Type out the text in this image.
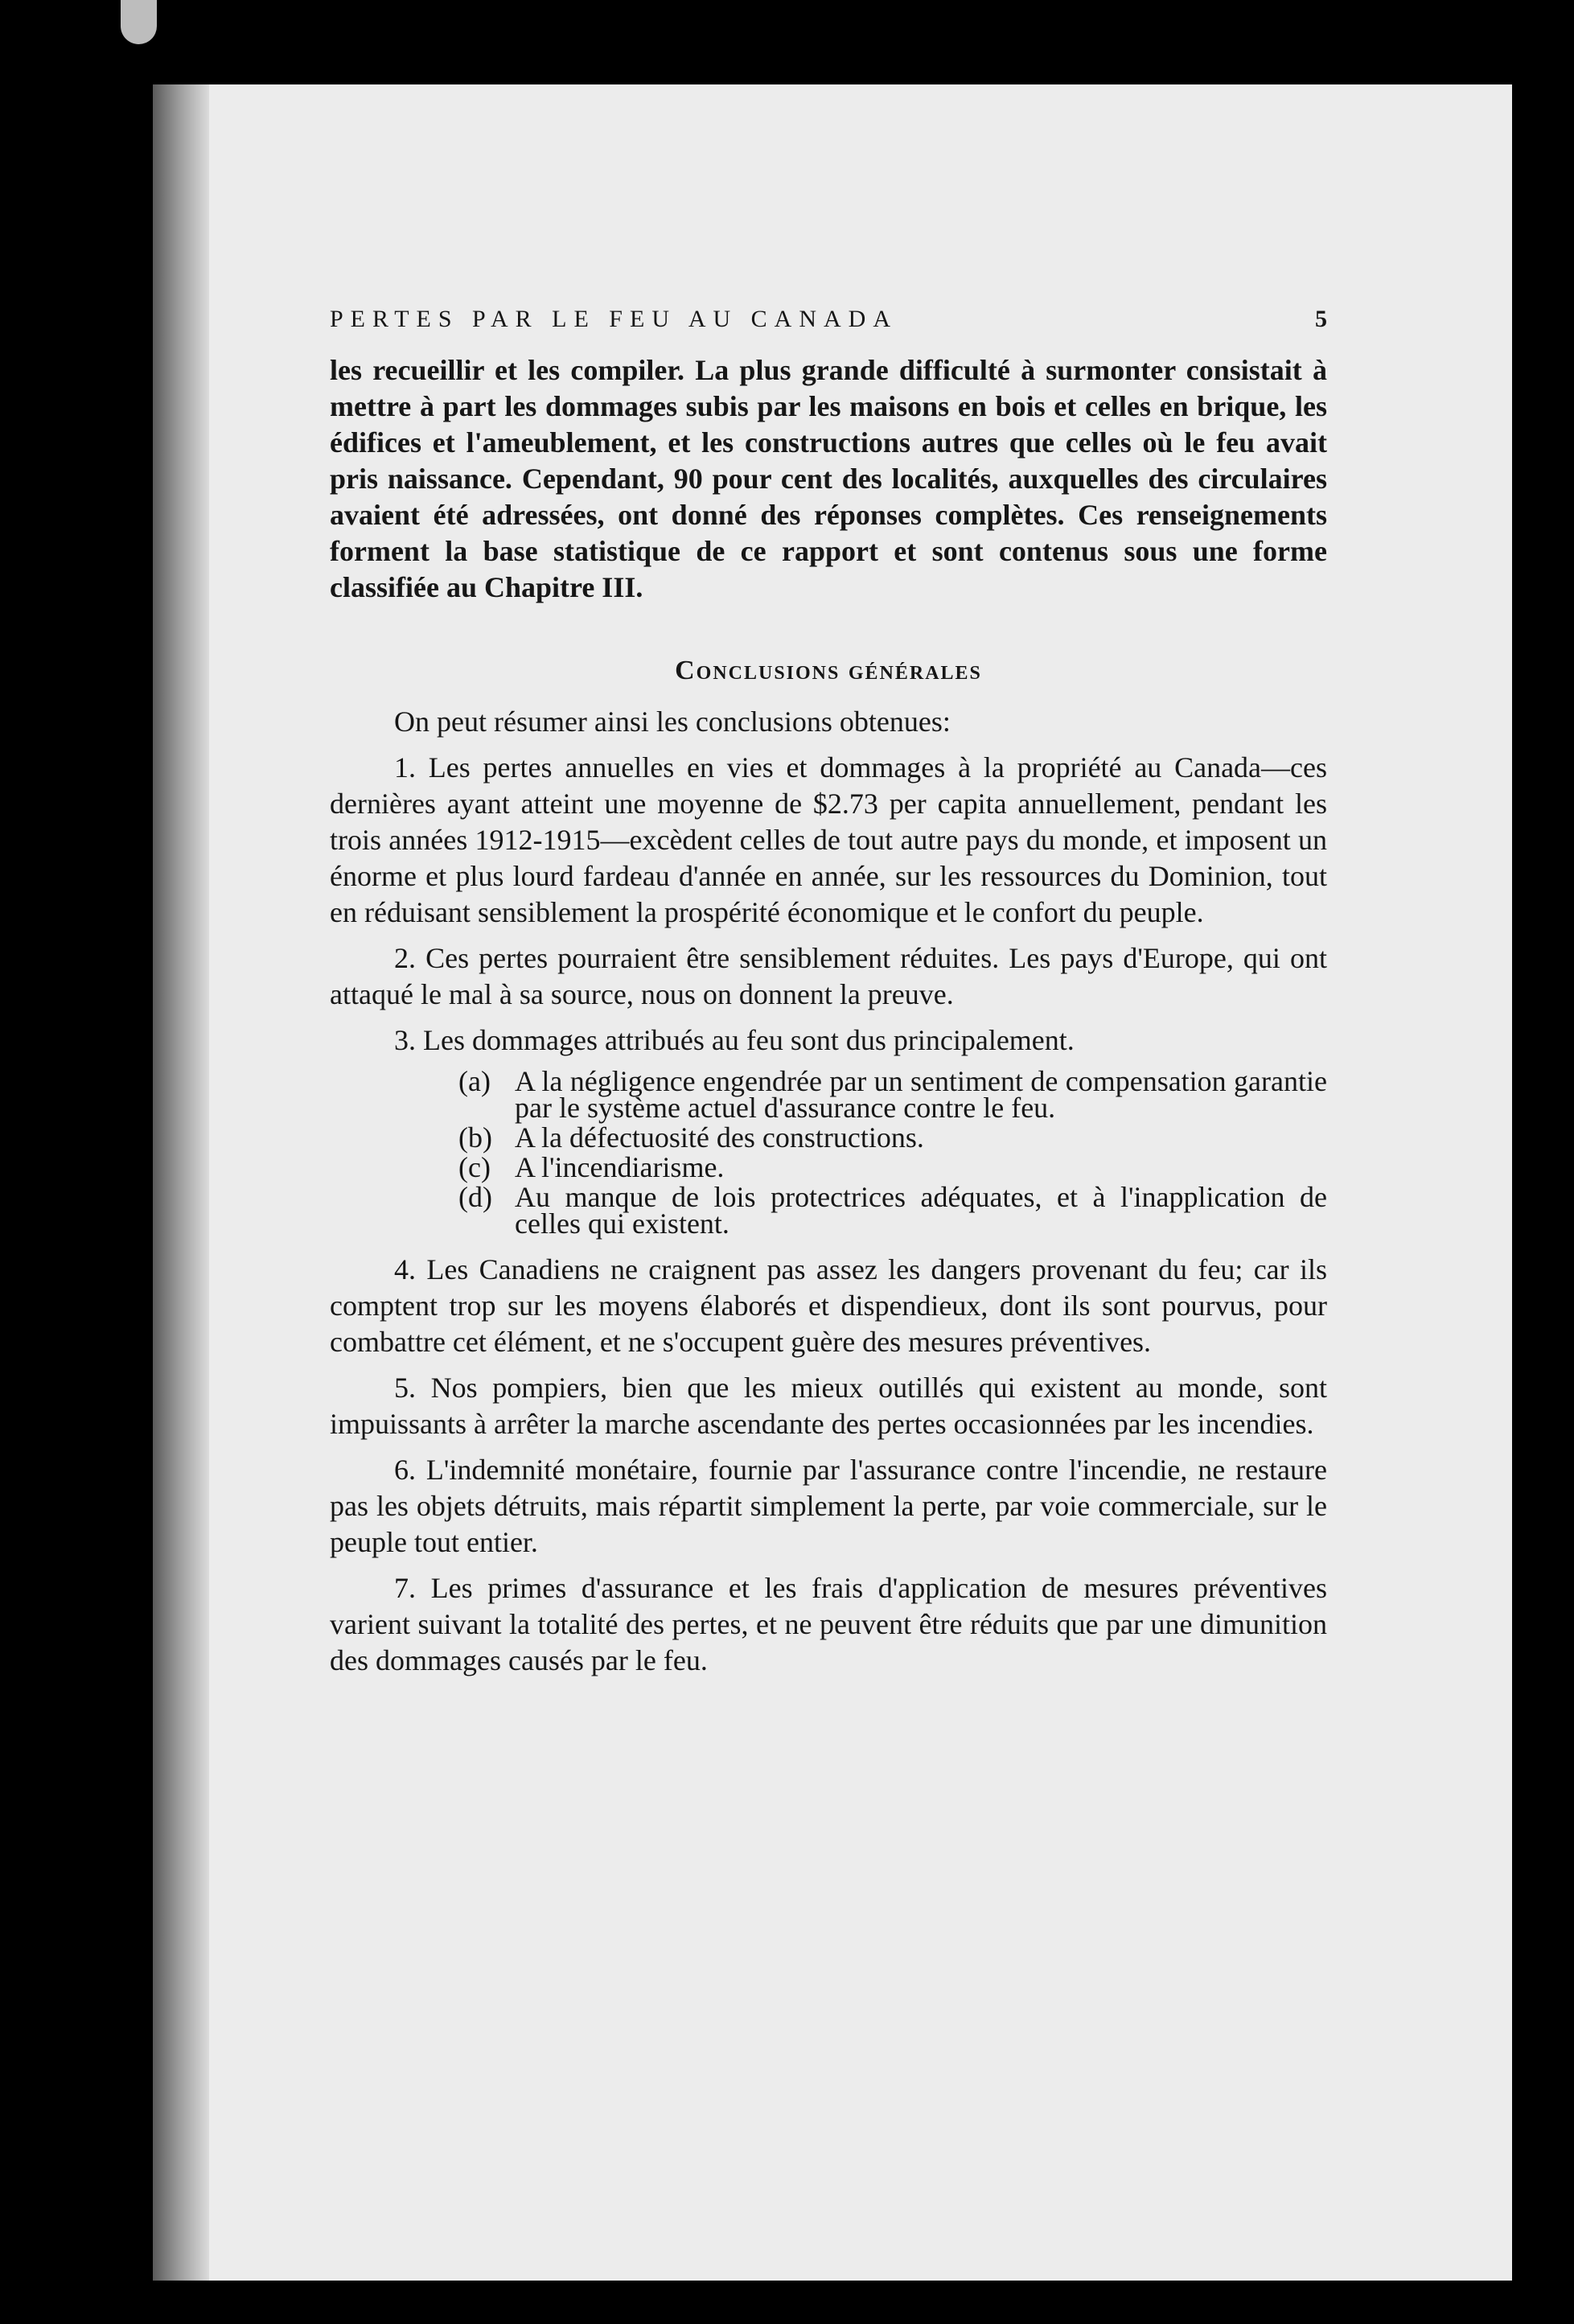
PERTES PAR LE FEU AU CANADA	5

les recueillir et les compiler. La plus grande difficulté à surmonter consistait à mettre à part les dommages subis par les maisons en bois et celles en brique, les édifices et l'ameublement, et les constructions autres que celles où le feu avait pris naissance. Cependant, 90 pour cent des localités, auxquelles des circulaires avaient été adressées, ont donné des réponses complètes. Ces renseignements forment la base statistique de ce rapport et sont contenus sous une forme classifiée au Chapitre III.

Conclusions générales

On peut résumer ainsi les conclusions obtenues:

1. Les pertes annuelles en vies et dommages à la propriété au Canada—ces dernières ayant atteint une moyenne de $2.73 per capita annuellement, pendant les trois années 1912-1915—excèdent celles de tout autre pays du monde, et imposent un énorme et plus lourd fardeau d'année en année, sur les ressources du Dominion, tout en réduisant sensiblement la prospérité économique et le confort du peuple.

2. Ces pertes pourraient être sensiblement réduites. Les pays d'Europe, qui ont attaqué le mal à sa source, nous on donnent la preuve.

3. Les dommages attribués au feu sont dus principalement.

(a) A la négligence engendrée par un sentiment de compensation garantie par le système actuel d'assurance contre le feu.
(b) A la défectuosité des constructions.
(c) A l'incendiarisme.
(d) Au manque de lois protectrices adéquates, et à l'inapplication de celles qui existent.

4. Les Canadiens ne craignent pas assez les dangers provenant du feu; car ils comptent trop sur les moyens élaborés et dispendieux, dont ils sont pourvus, pour combattre cet élément, et ne s'occupent guère des mesures préventives.

5. Nos pompiers, bien que les mieux outillés qui existent au monde, sont impuissants à arrêter la marche ascendante des pertes occasionnées par les incendies.

6. L'indemnité monétaire, fournie par l'assurance contre l'incendie, ne restaure pas les objets détruits, mais répartit simplement la perte, par voie commerciale, sur le peuple tout entier.

7. Les primes d'assurance et les frais d'application de mesures préventives varient suivant la totalité des pertes, et ne peuvent être réduits que par une dimunition des dommages causés par le feu.
